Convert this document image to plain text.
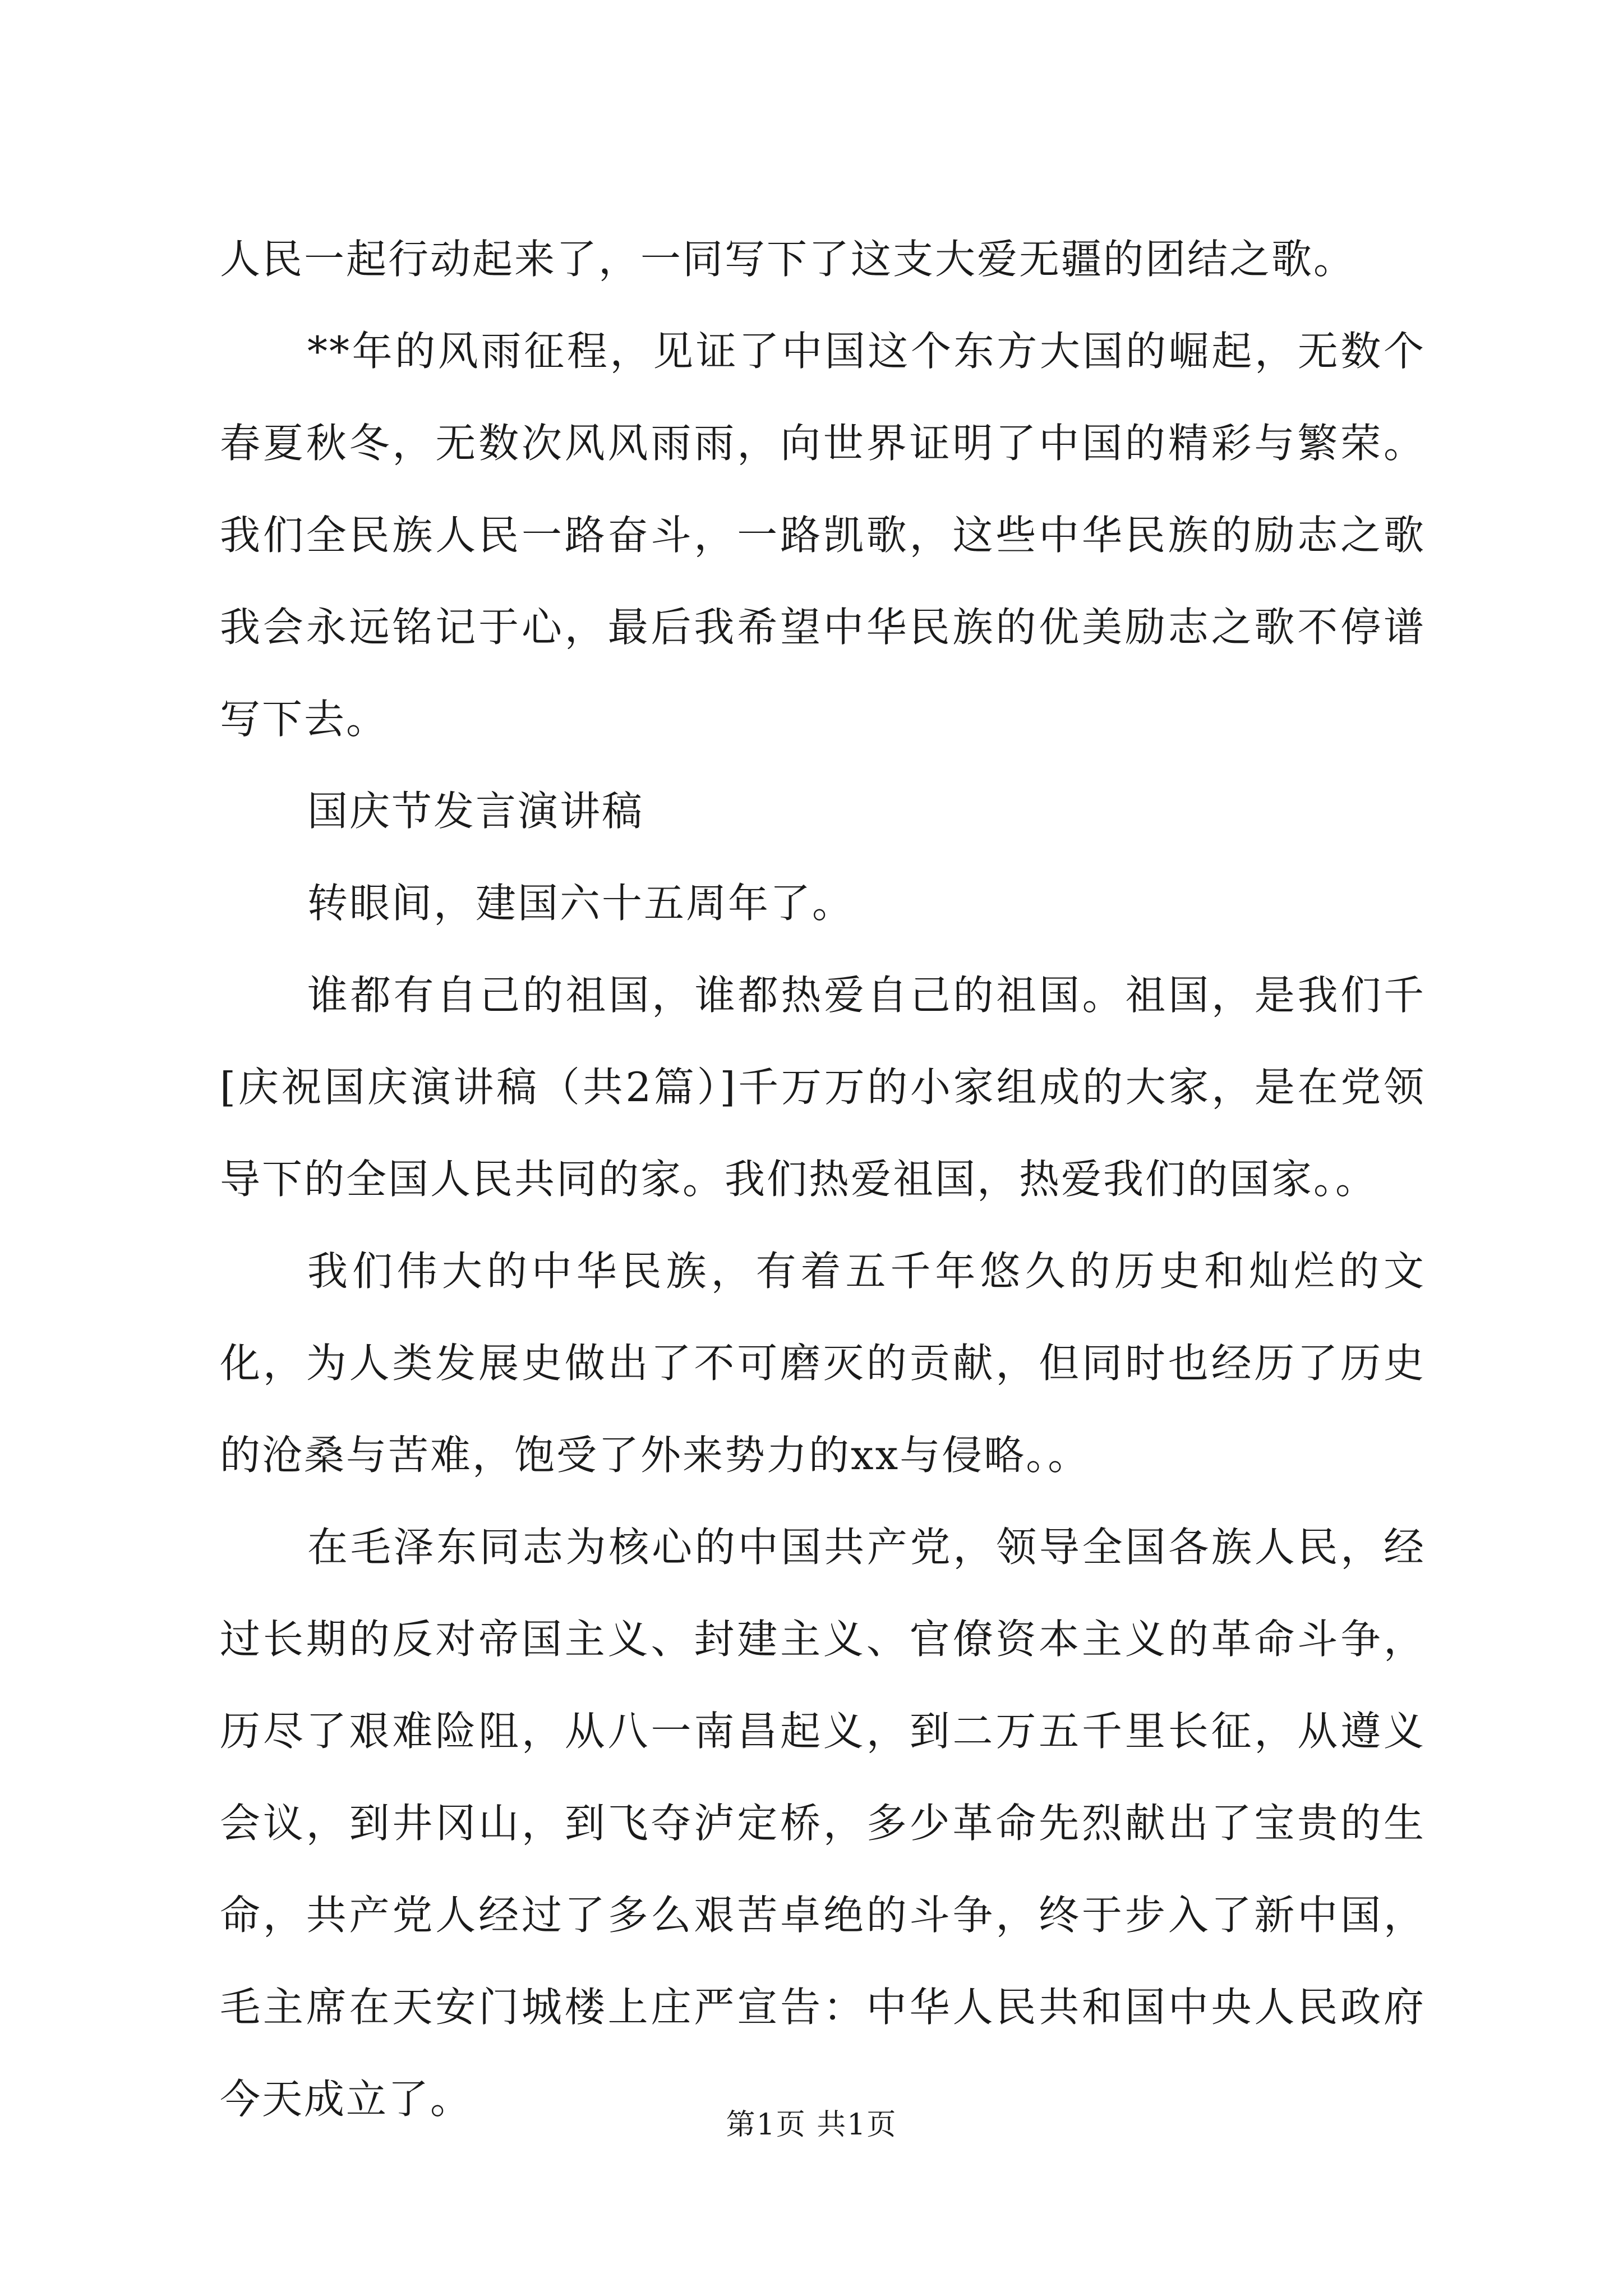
人民一起行动起来了，一同写下了这支大爱无疆的团结之歌。

**年的风雨征程，见证了中国这个东方大国的崛起，无数个春夏秋冬，无数次风风雨雨，向世界证明了中国的精彩与繁荣。我们全民族人民一路奋斗，一路凯歌，这些中华民族的励志之歌我会永远铭记于心，最后我希望中华民族的优美励志之歌不停谱写下去。

国庆节发言演讲稿

转眼间，建国六十五周年了。

谁都有自己的祖国，谁都热爱自己的祖国。祖国，是我们千[庆祝国庆演讲稿（共2篇）]千万万的小家组成的大家，是在党领导下的全国人民共同的家。我们热爱祖国，热爱我们的国家。。

我们伟大的中华民族，有着五千年悠久的历史和灿烂的文化，为人类发展史做出了不可磨灭的贡献，但同时也经历了历史的沧桑与苦难，饱受了外来势力的xx与侵略。。

在毛泽东同志为核心的中国共产党，领导全国各族人民，经过长期的反对帝国主义、封建主义、官僚资本主义的革命斗争，历尽了艰难险阻，从八一南昌起义，到二万五千里长征，从遵义会议，到井冈山，到飞夺泸定桥，多少革命先烈献出了宝贵的生命，共产党人经过了多么艰苦卓绝的斗争，终于步入了新中国，毛主席在天安门城楼上庄严宣告：中华人民共和国中央人民政府今天成立了。

第1页 共1页
